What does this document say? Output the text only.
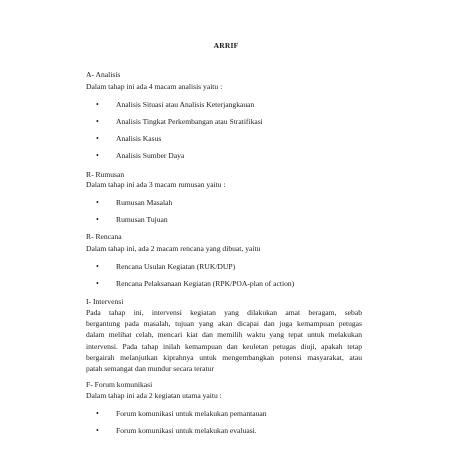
ARRIF
A- Analisis
Dalam tahap ini ada 4 macam analisis yaitu :
• Analisis Situasi atau Analisis Keterjangkauan
• Analisis Tingkat Perkembangan atau Stratifikasi
• Analisis Kasus
• Analisis Sumber Daya
R- Rumusan
Dalam tahap ini ada 3 macam rumusan yaitu :
• Rumusan Masalah
• Rumusan Tujuan
R- Rencana
Dalam tahap ini, ada 2 macam rencana yang dibuat, yaitu
• Rencana Usulan Kegiatan (RUK/DUP)
• Rencana Pelaksanaan Kegiatan (RPK/POA-plan of action)
I- Intervensi
Pada tahap ini, intervensi kegiatan yang dilakukan amat beragam, sebab
bergantung pada masalah, tujuan yang akan dicapai dan juga kemampuan petugas
dalam melihat celah, mencari kiat dan memilih waktu yang tepat untuk melakukan
intervensi. Pada tahap inilah kemampuan dan keuletan petugas diuji, apakah tetap
bergairah melanjutkan kiprahnya untuk mengembangkan potensi masyarakat, atau
patah semangat dan mundur secara teratur
F- Forum komunikasi
Dalam tahap ini ada 2 kegiatan utama yaitu :
• Forum komunikasi untuk melakukan pemantauan
• Forum komunikasi untuk melakukan evaluasi.
